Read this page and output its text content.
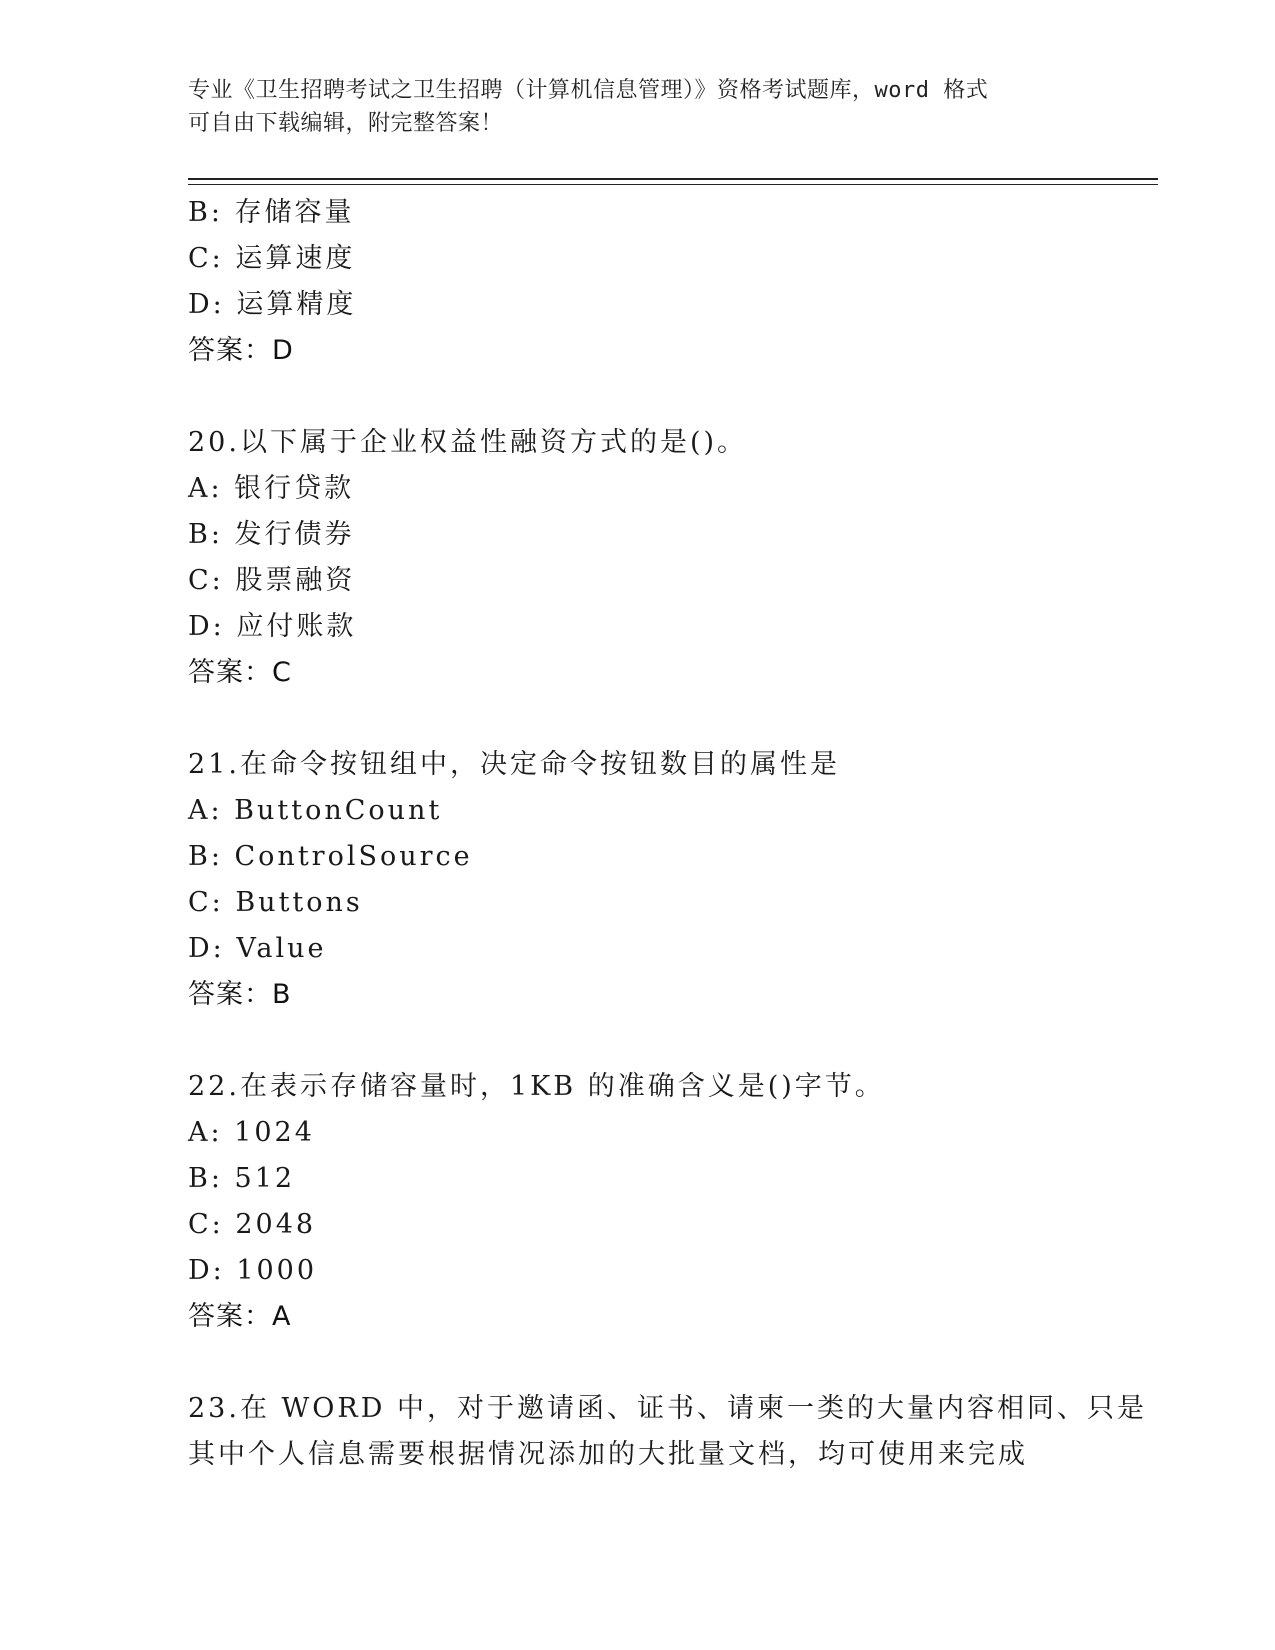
专业《卫生招聘考试之卫生招聘（计算机信息管理）》资格考试题库，word 格式
可自由下载编辑，附完整答案！
B: 存储容量
C: 运算速度
D: 运算精度
答案：D
20.以下属于企业权益性融资方式的是()。
A: 银行贷款
B: 发行债券
C: 股票融资
D: 应付账款
答案：C
21.在命令按钮组中，决定命令按钮数目的属性是
A: ButtonCount
B: ControlSource
C: Buttons
D: Value
答案：B
22.在表示存储容量时，1KB 的准确含义是()字节。
A: 1024
B: 512
C: 2048
D: 1000
答案：A
23.在 WORD 中，对于邀请函、证书、请柬一类的大量内容相同、只是
其中个人信息需要根据情况添加的大批量文档，均可使用来完成
